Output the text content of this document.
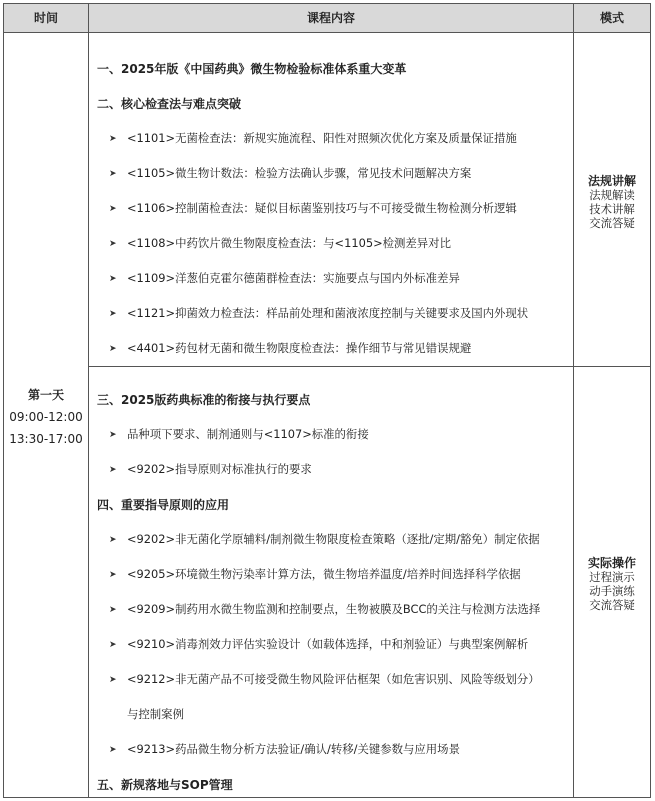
时间	课程内容	模式
第一天
09:00-12:00
13:30-17:00
一、2025年版《中国药典》微生物检验标准体系重大变革
二、核心检查法与难点突破
➤ <1101>无菌检查法：新规实施流程、阳性对照频次优化方案及质量保证措施
➤ <1105>微生物计数法：检验方法确认步骤，常见技术问题解决方案
➤ <1106>控制菌检查法：疑似目标菌鉴别技巧与不可接受微生物检测分析逻辑
➤ <1108>中药饮片微生物限度检查法：与<1105>检测差异对比
➤ <1109>洋葱伯克霍尔德菌群检查法：实施要点与国内外标准差异
➤ <1121>抑菌效力检查法：样品前处理和菌液浓度控制与关键要求及国内外现状
➤ <4401>药包材无菌和微生物限度检查法：操作细节与常见错误规避
三、2025版药典标准的衔接与执行要点
➤ 品种项下要求、制剂通则与<1107>标准的衔接
➤ <9202>指导原则对标准执行的要求
四、重要指导原则的应用
➤ <9202>非无菌化学原辅料/制剂微生物限度检查策略（逐批/定期/豁免）制定依据
➤ <9205>环境微生物污染率计算方法，微生物培养温度/培养时间选择科学依据
➤ <9209>制药用水微生物监测和控制要点，生物被膜及BCC的关注与检测方法选择
➤ <9210>消毒剂效力评估实验设计（如载体选择，中和剂验证）与典型案例解析
➤ <9212>非无菌产品不可接受微生物风险评估框架（如危害识别、风险等级划分）
与控制案例
➤ <9213>药品微生物分析方法验证/确认/转移/关键参数与应用场景
五、新规落地与SOP管理
法规讲解
法规解读
技术讲解
交流答疑
实际操作
过程演示
动手演练
交流答疑
